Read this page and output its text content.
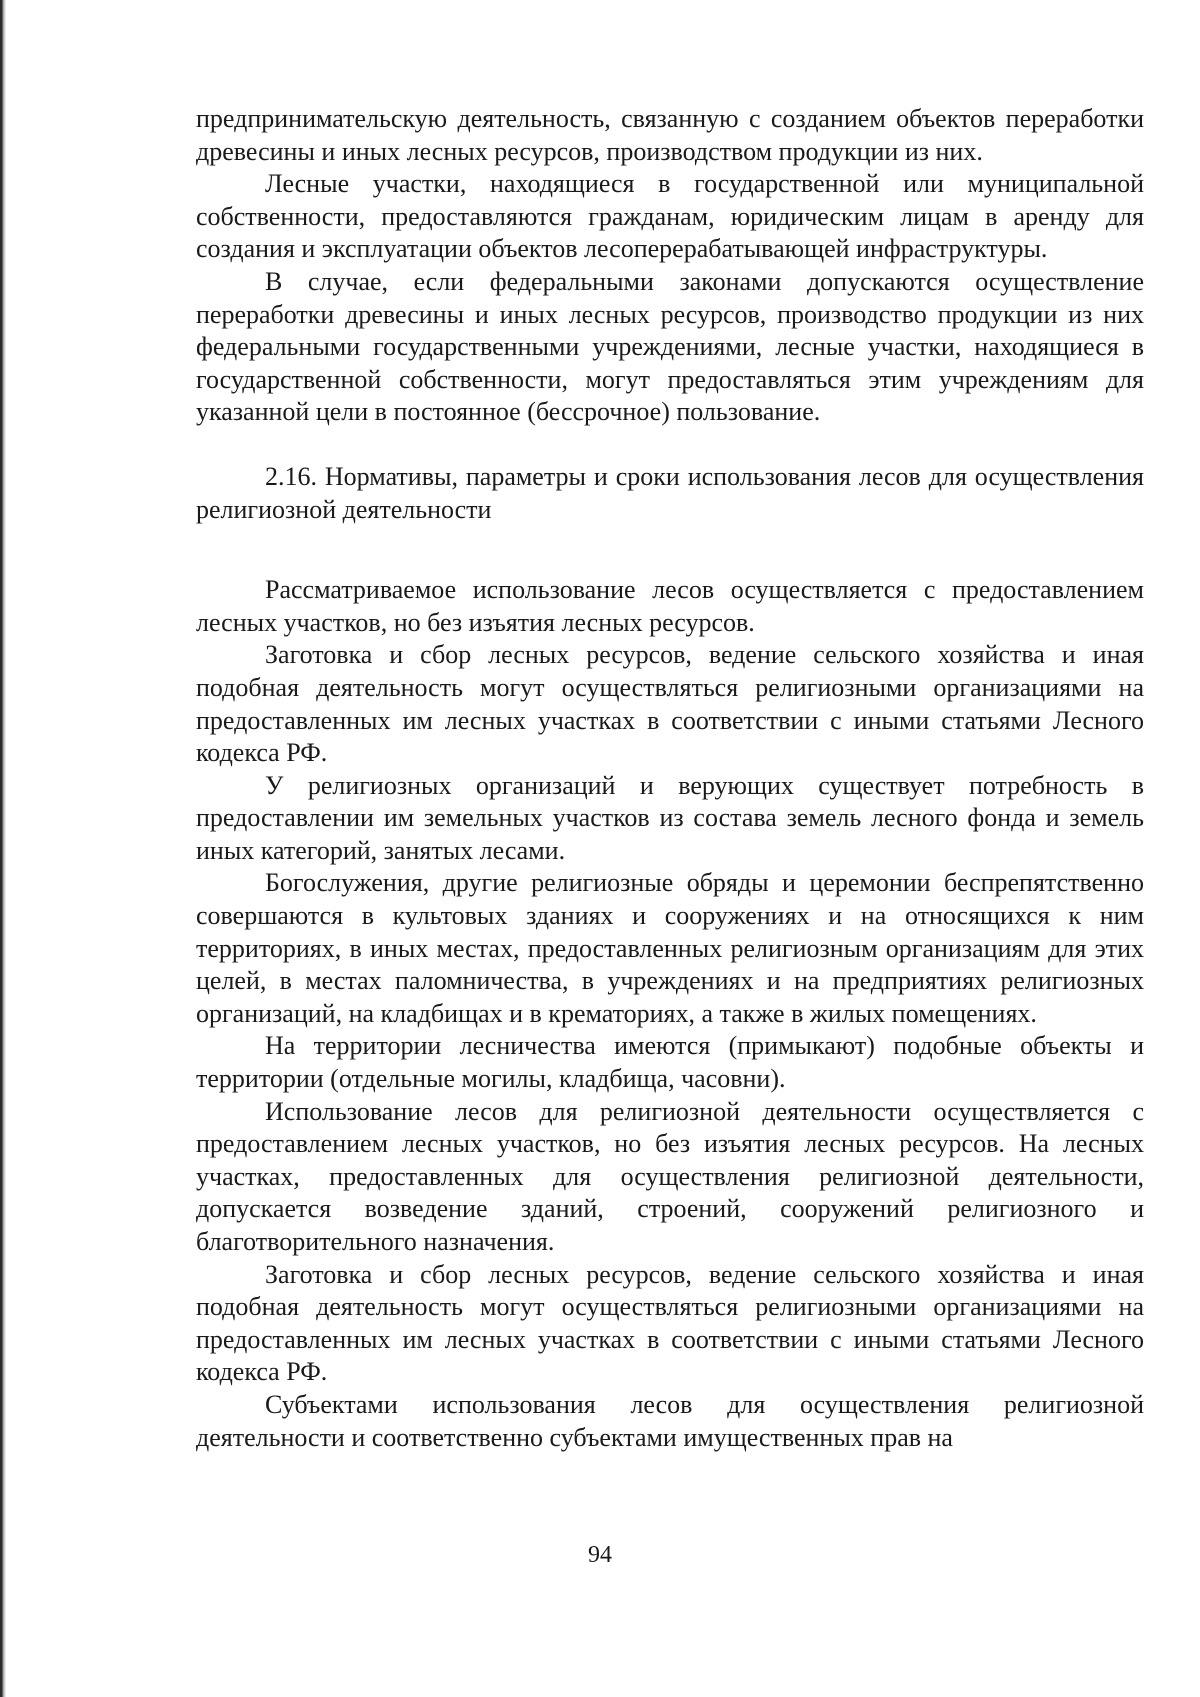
предпринимательскую деятельность, связанную с созданием объектов переработки древесины и иных лесных ресурсов, производством продукции из них.

Лесные участки, находящиеся в государственной или муниципальной собственности, предоставляются гражданам, юридическим лицам в аренду для создания и эксплуатации объектов лесоперерабатывающей инфраструктуры.

В случае, если федеральными законами допускаются осуществление переработки древесины и иных лесных ресурсов, производство продукции из них федеральными государственными учреждениями, лесные участки, находящиеся в государственной собственности, могут предоставляться этим учреждениям для указанной цели в постоянное (бессрочное) пользование.

2.16. Нормативы, параметры и сроки использования лесов для осуществления религиозной деятельности

Рассматриваемое использование лесов осуществляется с предоставлением лесных участков, но без изъятия лесных ресурсов.

Заготовка и сбор лесных ресурсов, ведение сельского хозяйства и иная подобная деятельность могут осуществляться религиозными организациями на предоставленных им лесных участках в соответствии с иными статьями Лесного кодекса РФ.

У религиозных организаций и верующих существует потребность в предоставлении им земельных участков из состава земель лесного фонда и земель иных категорий, занятых лесами.

Богослужения, другие религиозные обряды и церемонии беспрепятственно совершаются в культовых зданиях и сооружениях и на относящихся к ним территориях, в иных местах, предоставленных религиозным организациям для этих целей, в местах паломничества, в учреждениях и на предприятиях религиозных организаций, на кладбищах и в крематориях, а также в жилых помещениях.

На территории лесничества имеются (примыкают) подобные объекты и территории (отдельные могилы, кладбища, часовни).

Использование лесов для религиозной деятельности осуществляется с предоставлением лесных участков, но без изъятия лесных ресурсов. На лесных участках, предоставленных для осуществления религиозной деятельности, допускается возведение зданий, строений, сооружений религиозного и благотворительного назначения.

Заготовка и сбор лесных ресурсов, ведение сельского хозяйства и иная подобная деятельность могут осуществляться религиозными организациями на предоставленных им лесных участках в соответствии с иными статьями Лесного кодекса РФ.

Субъектами использования лесов для осуществления религиозной деятельности и соответственно субъектами имущественных прав на

94
